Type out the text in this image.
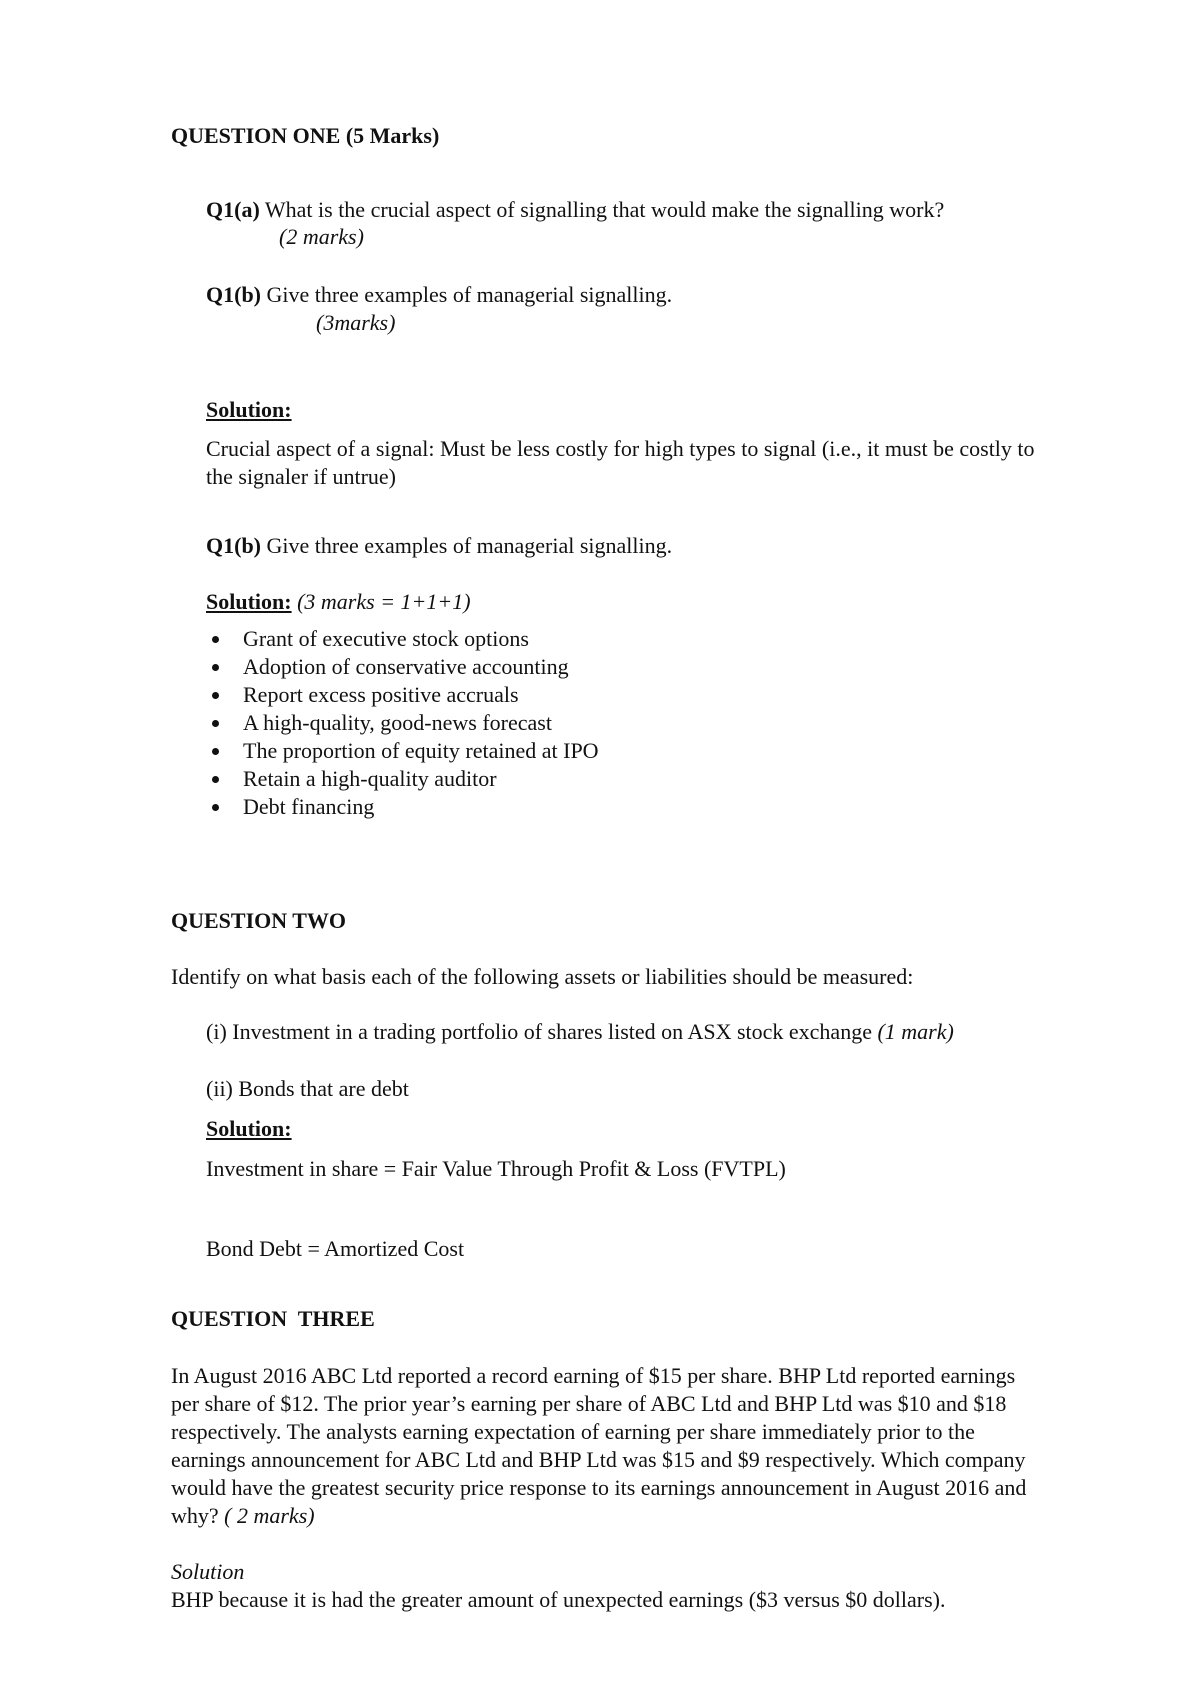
QUESTION ONE (5 Marks)
Q1(a) What is the crucial aspect of signalling that would make the signalling work?
(2 marks)
Q1(b) Give three examples of managerial signalling.
(3marks)
Solution:
Crucial aspect of a signal: Must be less costly for high types to signal (i.e., it must be costly to the signaler if untrue)
Q1(b) Give three examples of managerial signalling.
Solution: (3 marks = 1+1+1)
Grant of executive stock options
Adoption of conservative accounting
Report excess positive accruals
A high-quality, good-news forecast
The proportion of equity retained at IPO
Retain a high-quality auditor
Debt financing
QUESTION TWO
Identify on what basis each of the following assets or liabilities should be measured:
(i) Investment in a trading portfolio of shares listed on ASX stock exchange (1 mark)
(ii) Bonds that are debt
Solution:
Investment in share = Fair Value Through Profit & Loss (FVTPL)
Bond Debt = Amortized Cost
QUESTION  THREE
In August 2016 ABC Ltd reported a record earning of $15 per share. BHP Ltd reported earnings per share of $12. The prior year’s earning per share of ABC Ltd and BHP Ltd was $10 and $18 respectively. The analysts earning expectation of earning per share immediately prior to the earnings announcement for ABC Ltd and BHP Ltd was $15 and $9 respectively. Which company would have the greatest security price response to its earnings announcement in August 2016 and why? ( 2 marks)
Solution
BHP because it is had the greater amount of unexpected earnings ($3 versus $0 dollars).
